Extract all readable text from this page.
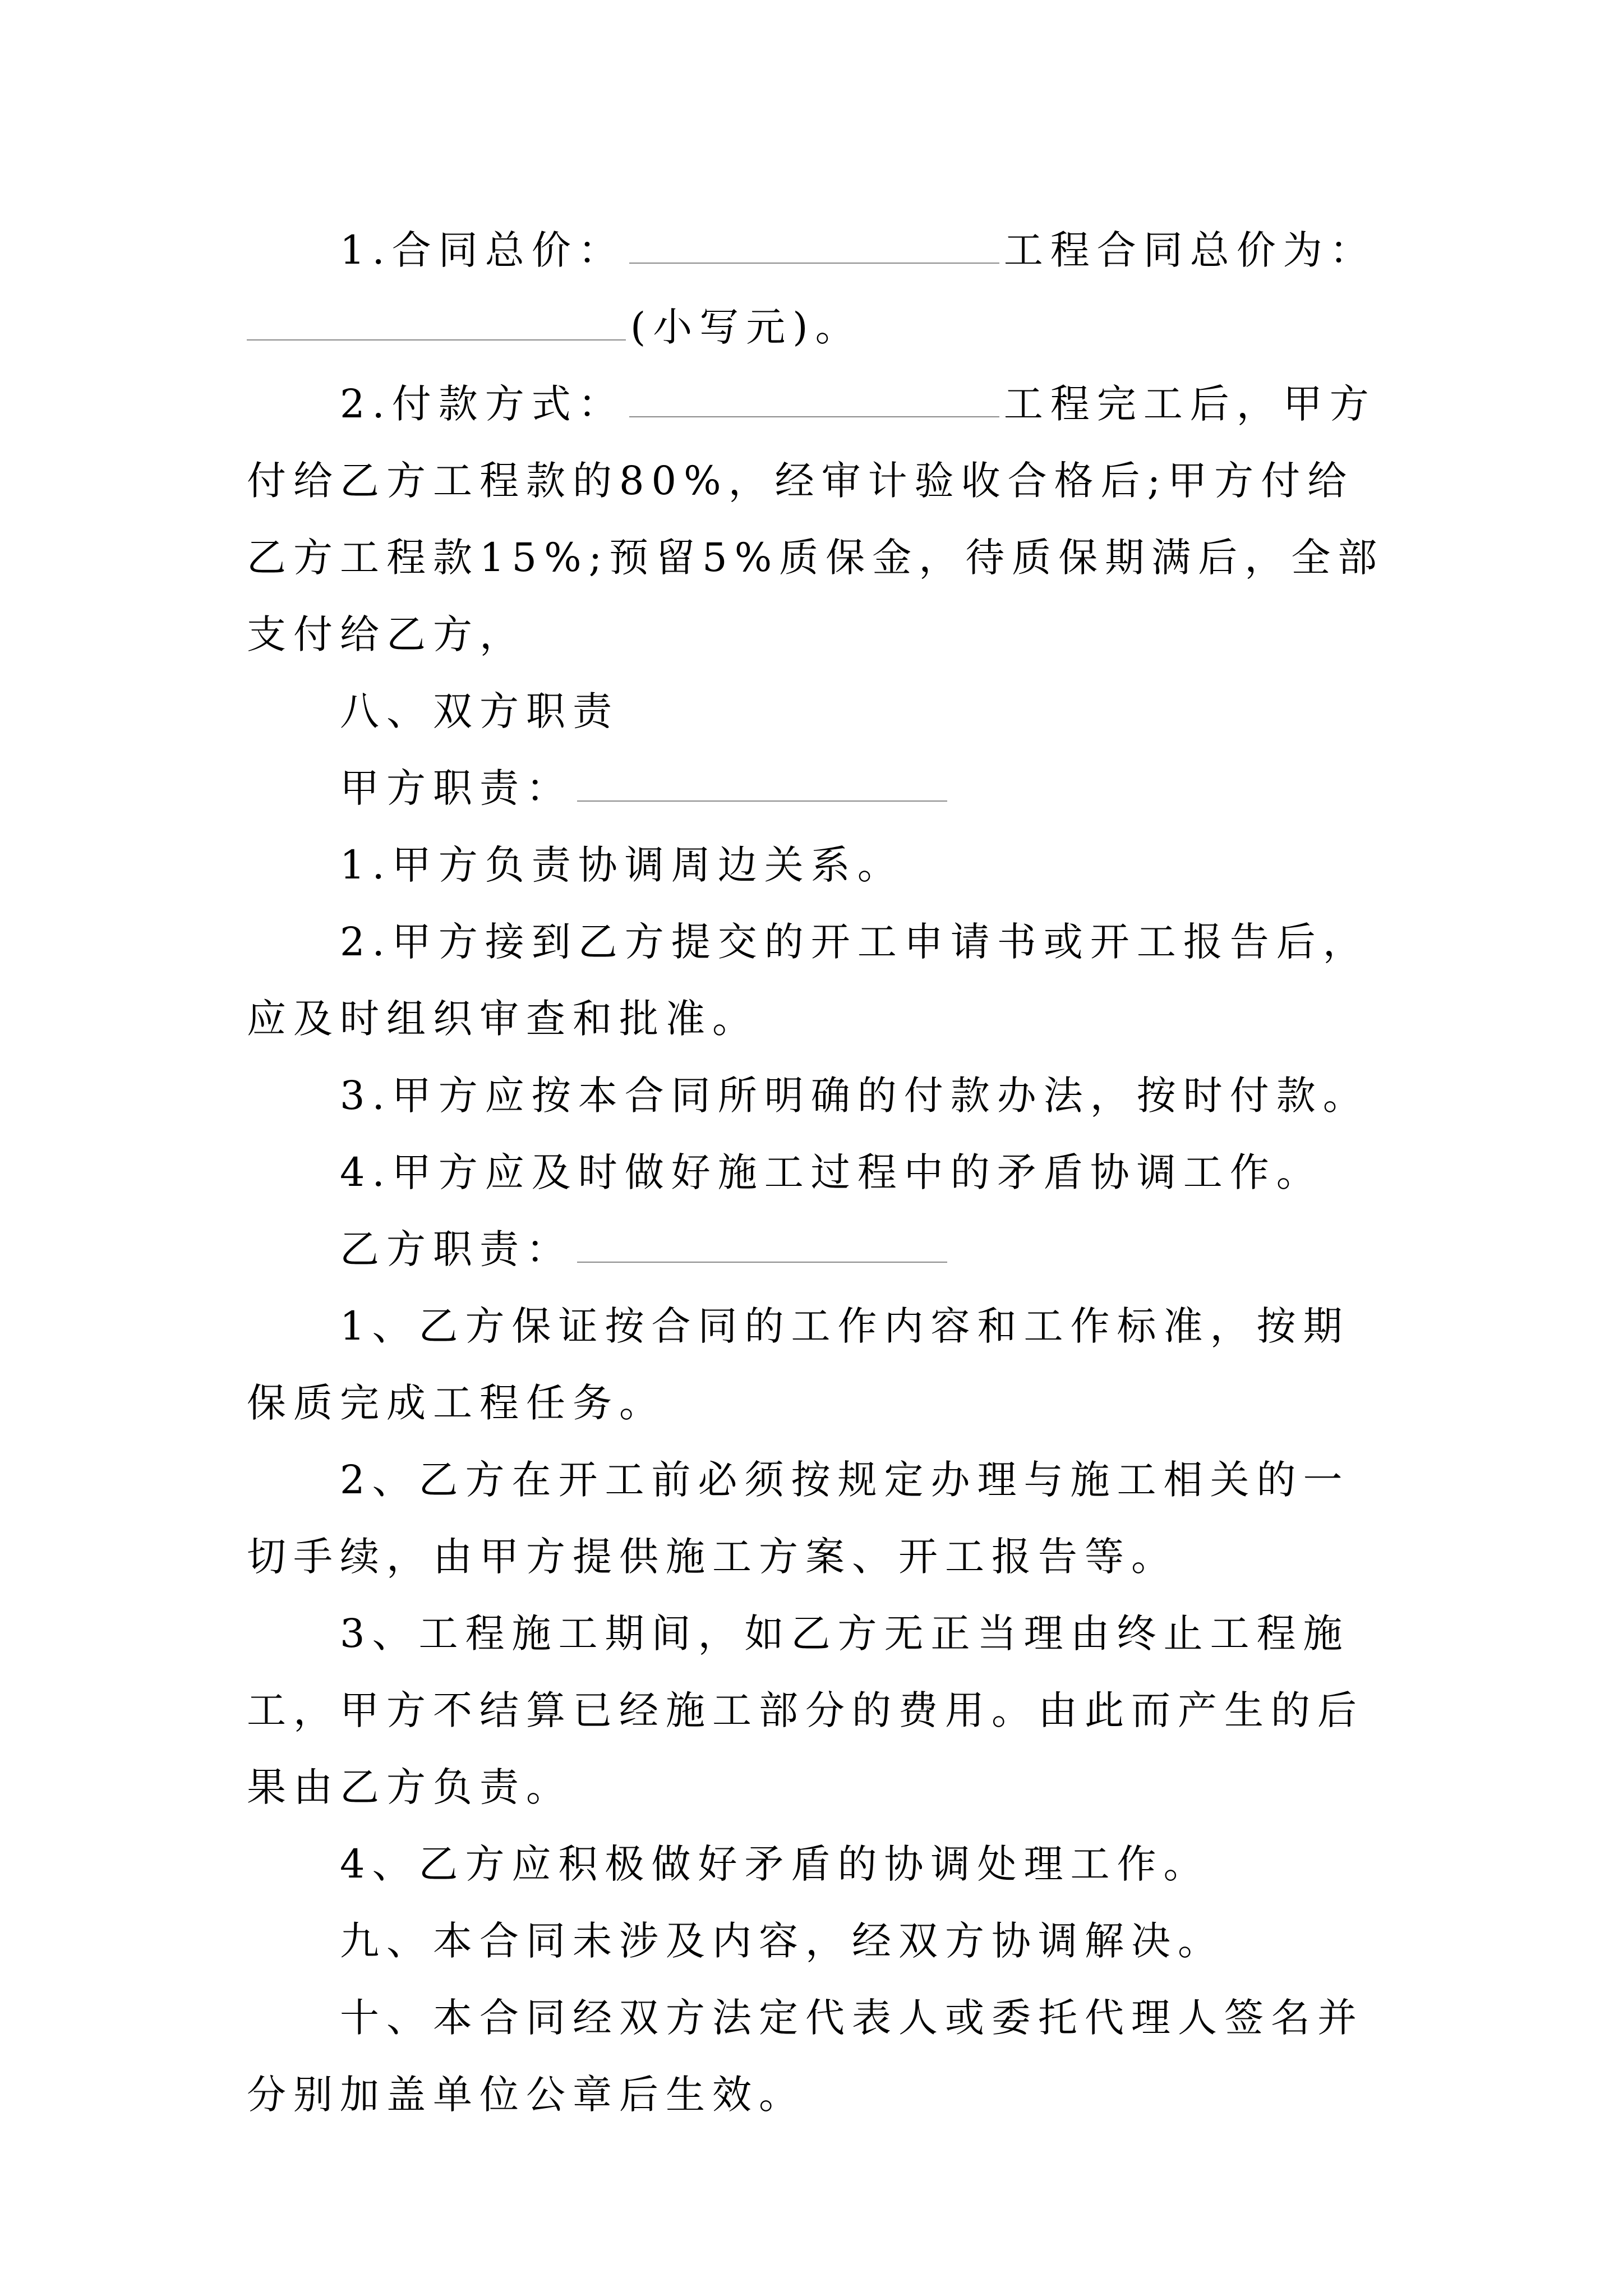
1.合同总价：	工程合同总价为：(小写元)。

2.付款方式：	工程完工后，甲方付给乙方工程款的80%，经审计验收合格后;甲方付给乙方工程款15%;预留5%质保金，待质保期满后，全部支付给乙方，

八、双方职责

甲方职责：

1.甲方负责协调周边关系。

2.甲方接到乙方提交的开工申请书或开工报告后，应及时组织审查和批准。

3.甲方应按本合同所明确的付款办法，按时付款。

4.甲方应及时做好施工过程中的矛盾协调工作。

乙方职责：

1、乙方保证按合同的工作内容和工作标准，按期保质完成工程任务。

2、乙方在开工前必须按规定办理与施工相关的一切手续，由甲方提供施工方案、开工报告等。

3、工程施工期间，如乙方无正当理由终止工程施工，甲方不结算已经施工部分的费用。由此而产生的后果由乙方负责。

4、乙方应积极做好矛盾的协调处理工作。

九、本合同未涉及内容，经双方协调解决。

十、本合同经双方法定代表人或委托代理人签名并分别加盖单位公章后生效。
